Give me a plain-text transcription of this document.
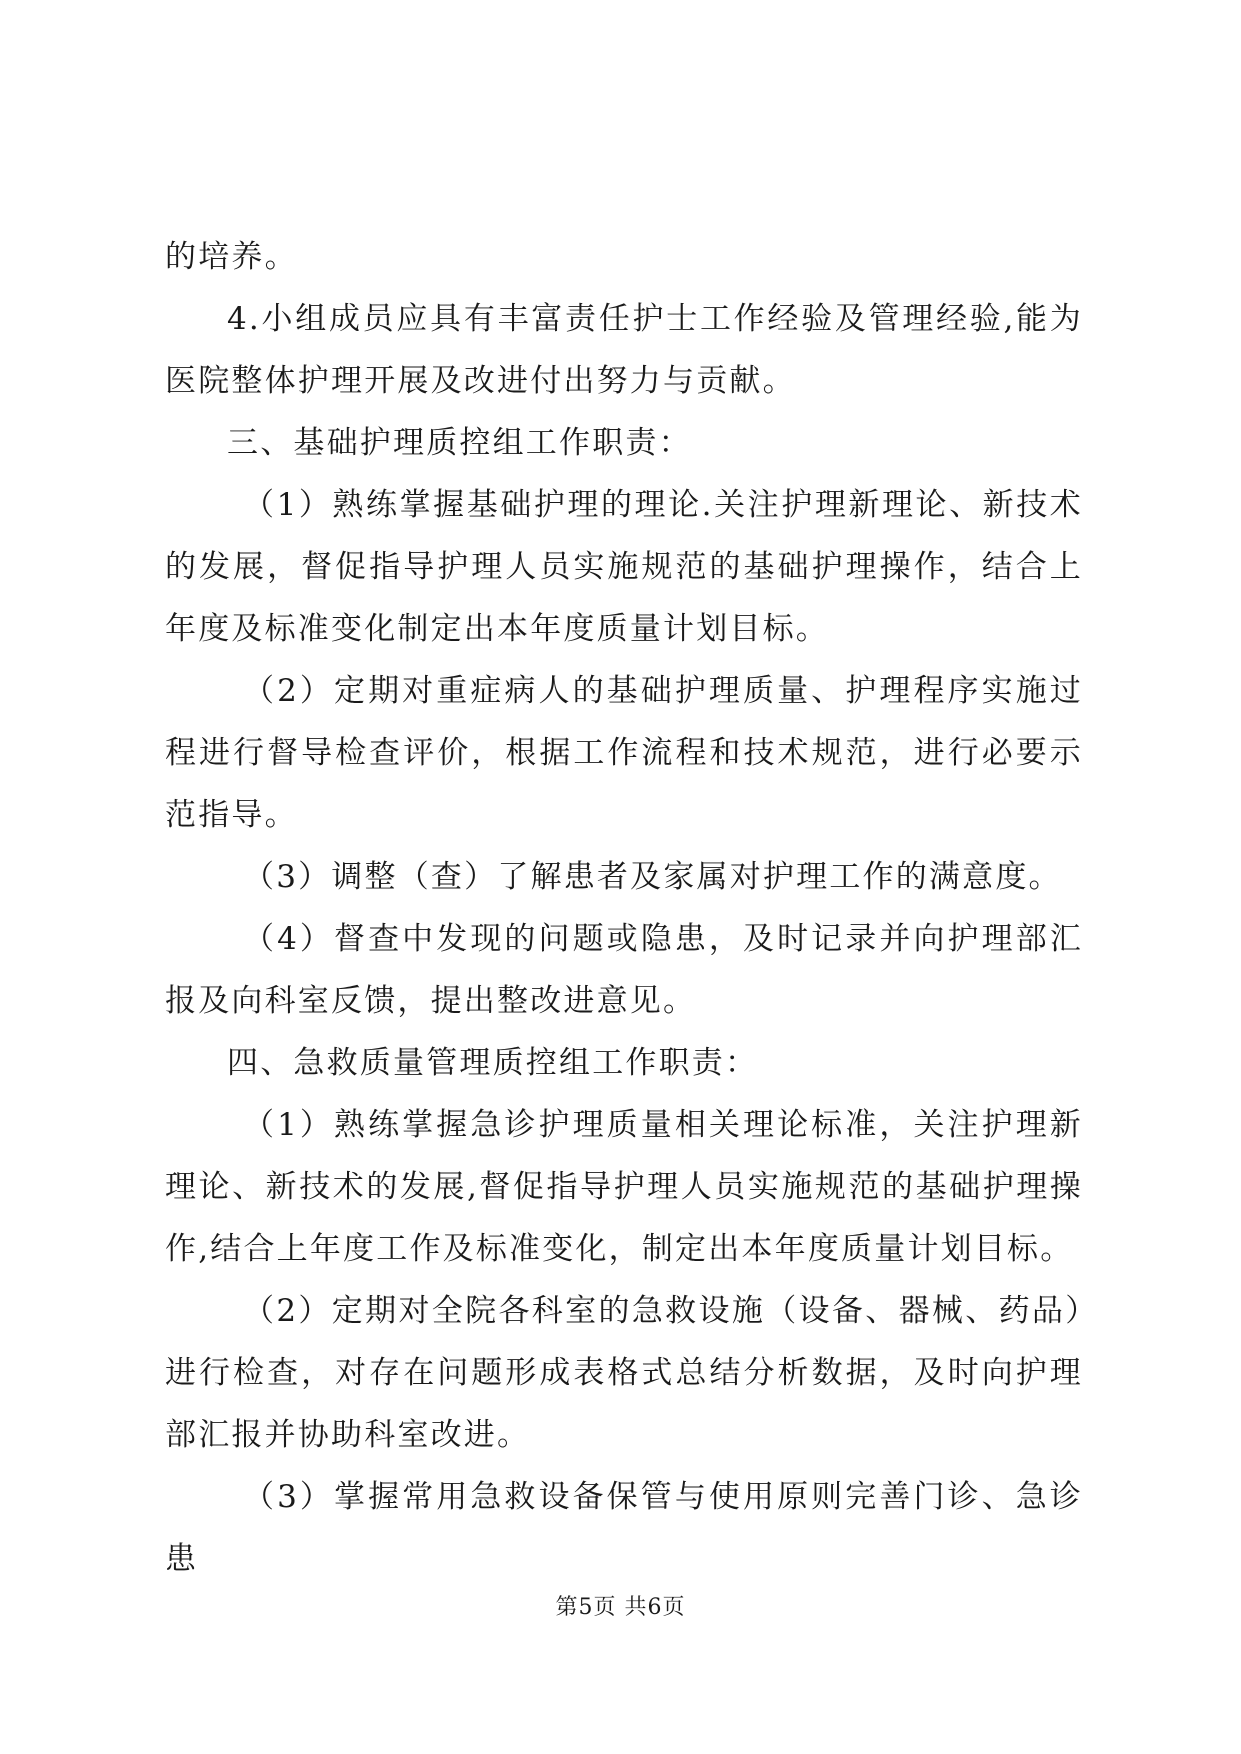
的培养。

4.小组成员应具有丰富责任护士工作经验及管理经验,能为医院整体护理开展及改进付出努力与贡献。

三、基础护理质控组工作职责：

（1）熟练掌握基础护理的理论.关注护理新理论、新技术的发展，督促指导护理人员实施规范的基础护理操作，结合上年度及标准变化制定出本年度质量计划目标。

（2）定期对重症病人的基础护理质量、护理程序实施过程进行督导检查评价，根据工作流程和技术规范，进行必要示范指导。

（3）调整（查）了解患者及家属对护理工作的满意度。

（4）督查中发现的问题或隐患，及时记录并向护理部汇报及向科室反馈，提出整改进意见。

四、急救质量管理质控组工作职责：

（1）熟练掌握急诊护理质量相关理论标准，关注护理新理论、新技术的发展,督促指导护理人员实施规范的基础护理操作,结合上年度工作及标准变化，制定出本年度质量计划目标。

（2）定期对全院各科室的急救设施（设备、器械、药品）进行检查，对存在问题形成表格式总结分析数据，及时向护理部汇报并协助科室改进。

（3）掌握常用急救设备保管与使用原则完善门诊、急诊患

第5页 共6页
